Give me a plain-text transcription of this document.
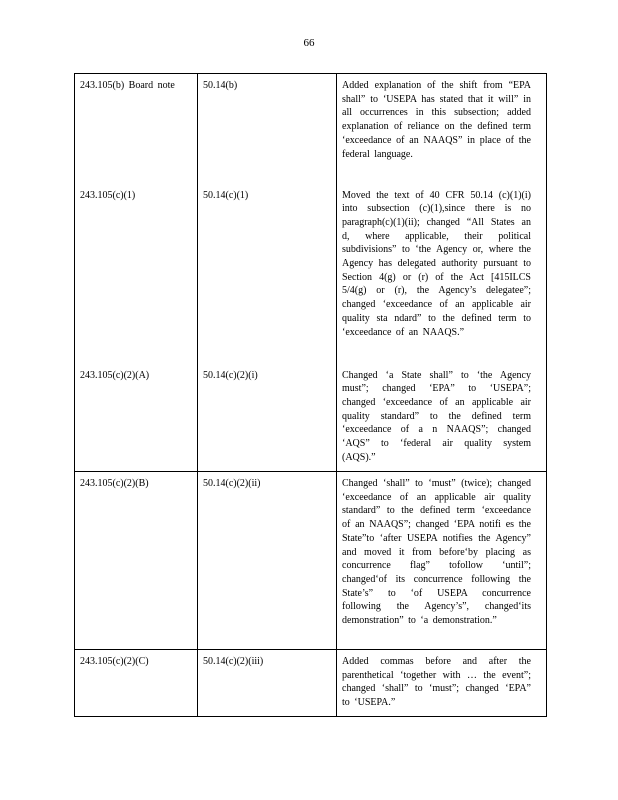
66
243.105(b) Board note	50.14(b)	Added explanation of the shift from “EPA shall” to ‘USEPA has stated that it will” in all occurrences in this subsection; added explanation of reliance on the defined term ‘exceedance of an NAAQS” in place of the federal language.

243.105(c)(1)	50.14(c)(1)	Moved the text of 40 CFR 50.14 (c)(1)(i) into subsection (c)(1),since there is no paragraph(c)(1)(ii); changed “All States an d, where applicable, their political subdivisions” to ‘the Agency or, where the Agency has delegated authority pursuant to Section 4(g) or (r) of the Act [415ILCS 5/4(g) or (r), the Agency’s delegatee”; changed ‘exceedance of an applicable air quality sta ndard” to the defined term to ‘exceedance of an NAAQS.”

243.105(c)(2)(A)	50.14(c)(2)(i)	Changed ‘a State shall” to ‘the Agency must”; changed ‘EPA” to ‘USEPA”; changed ‘exceedance of an applicable air quality standard” to the defined term ‘exceedance of a n NAAQS”; changed ‘AQS” to ‘federal air quality system (AQS).”

243.105(c)(2)(B)	50.14(c)(2)(ii)	Changed ‘shall” to ‘must” (twice); changed ‘exceedance of an applicable air quality standard” to the defined term ‘exceedance of an NAAQS”; changed ‘EPA notifi es the State”to ‘after USEPA notifies the Agency” and moved it from before‘by placing as concurrence flag” tofollow ‘until”; changed‘of its concurrence following the State’s” to ‘of USEPA concurrence following the Agency’s”, changed‘its demonstration” to ‘a demonstration.”

243.105(c)(2)(C)	50.14(c)(2)(iii)	Added commas before and after the parenthetical ‘together with … the event”; changed ‘shall” to ‘must”; changed ‘EPA” to ‘USEPA.”
